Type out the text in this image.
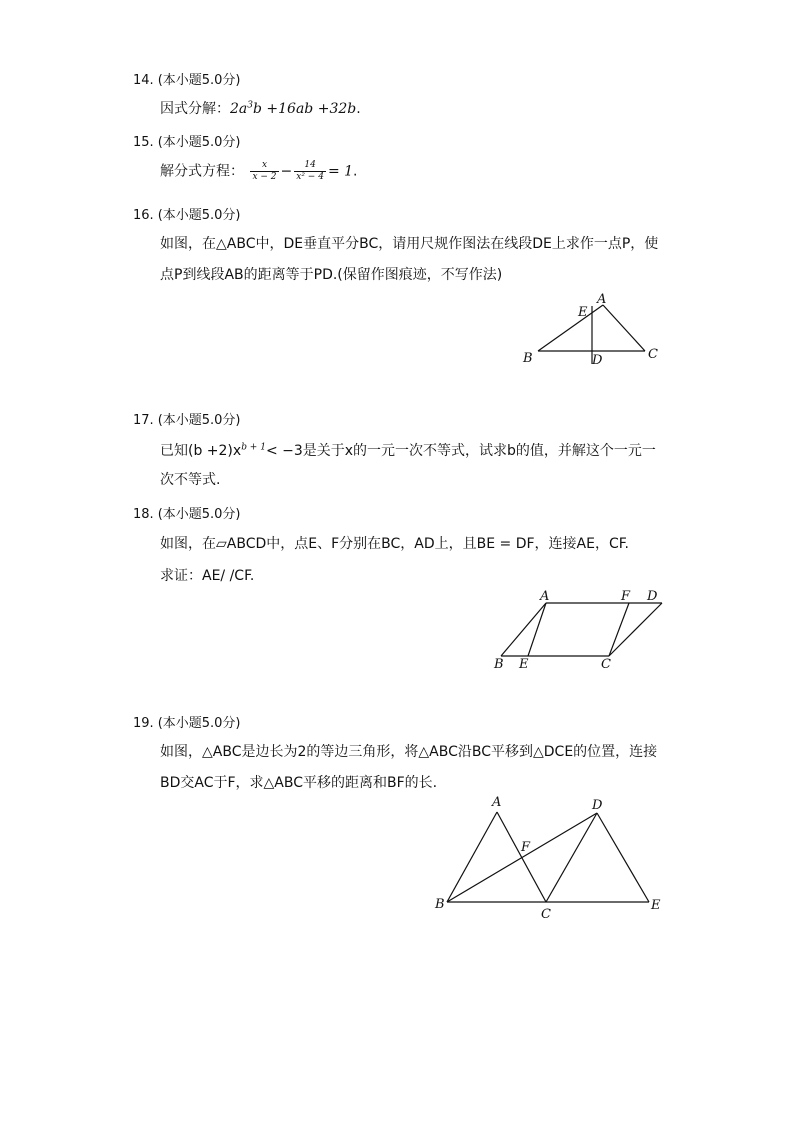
14. (本小题5.0分)
因式分解：$2a^3b +16ab +32b$.
15. (本小题5.0分)
解分式方程： $\frac{x}{x - 2} - \frac{14}{\text{x² − 4}} = 1$.
16. (本小题5.0分)
如图，在△ABC中，DE垂直平分BC，请用尺规作图法在线段DE上求作一点P，使
点P到线段AB的距离等于PD.(保留作图痕迹，不写作法)
A
E
B	D	C
17. (本小题5.0分)
已知$(b +2)x^{b + 1}< -3$是关于x的一元一次不等式，试求b的值，并解这个一元一
次不等式.
18. (本小题5.0分)
如图，在▱ABCD中，点E、F分别在BC，AD上，且BE = DF，连接AE，CF.
求证：AE/ /CF.
A	F D
B E	C
19. (本小题5.0分)
如图，△ABC是边长为2的等边三角形，将△ABC沿BC平移到△DCE的位置，连接
BD交AC于F，求△ABC平移的距离和BF的长.
A	D
F
B
C
E
